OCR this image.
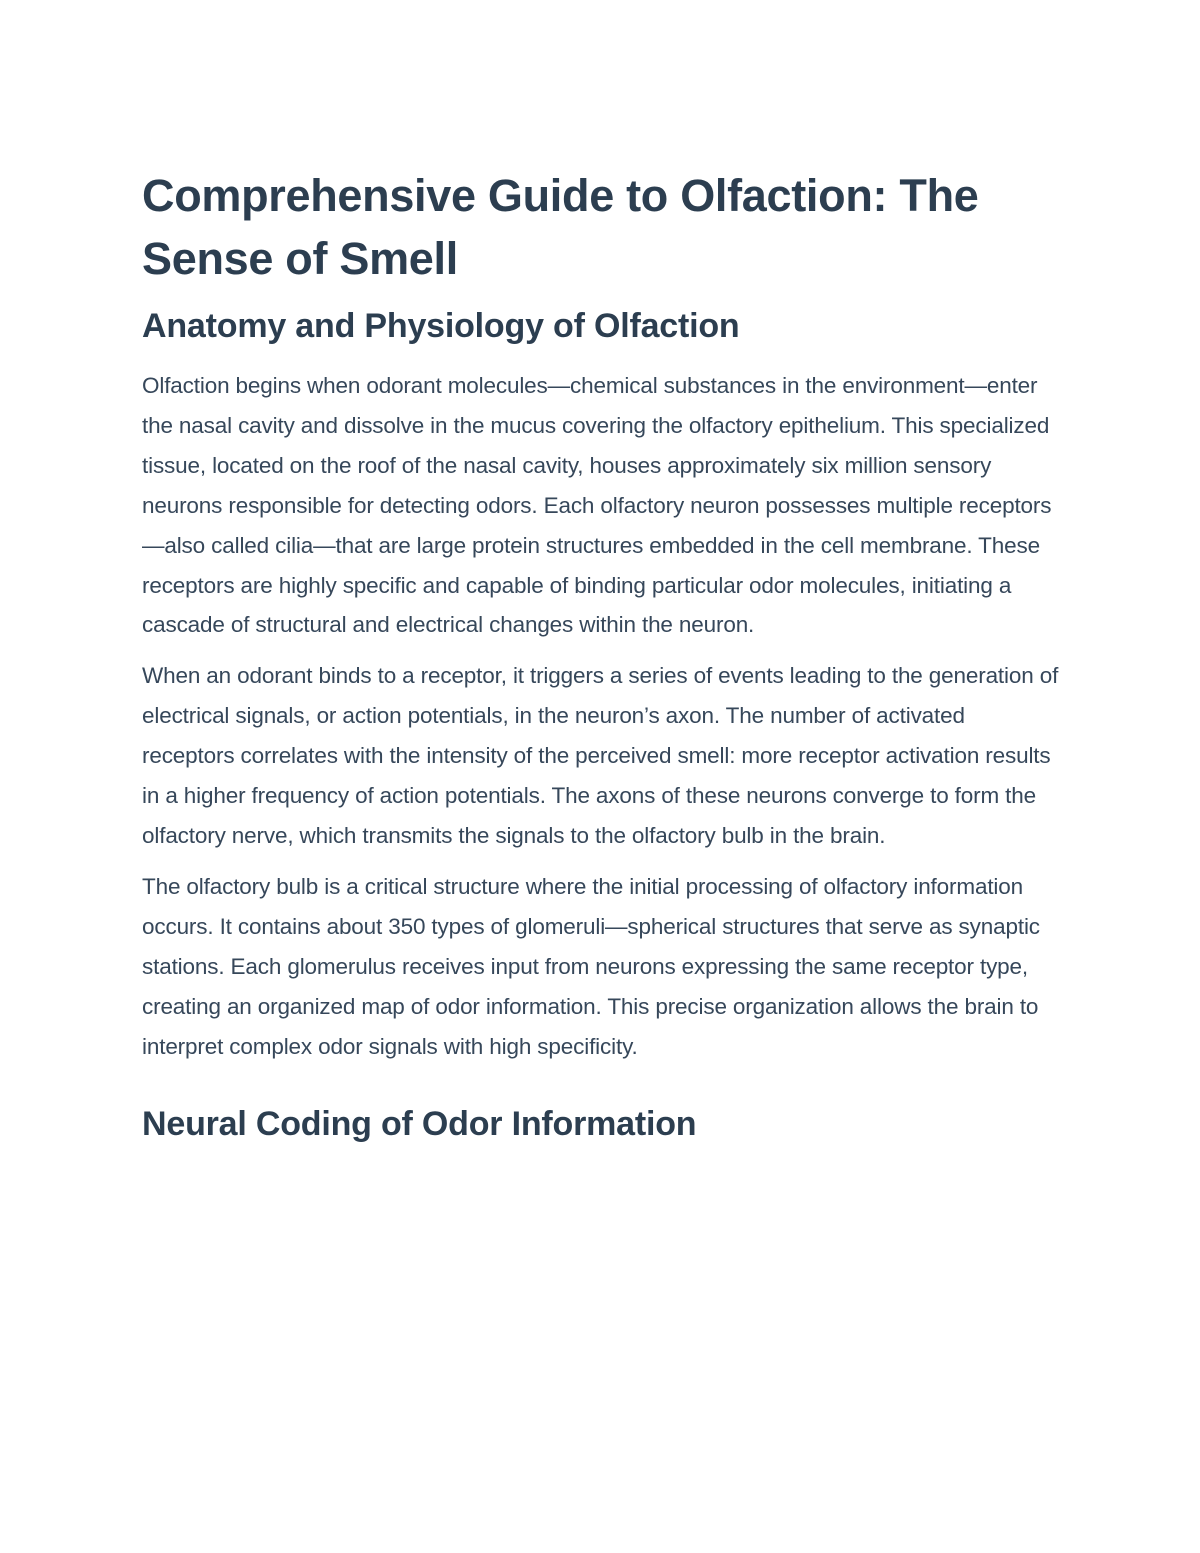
Comprehensive Guide to Olfaction: The Sense of Smell
Anatomy and Physiology of Olfaction

Olfaction begins when odorant molecules—chemical substances in the environment—enter the nasal cavity and dissolve in the mucus covering the olfactory epithelium. This specialized tissue, located on the roof of the nasal cavity, houses approximately six million sensory neurons responsible for detecting odors. Each olfactory neuron possesses multiple receptors—also called cilia—that are large protein structures embedded in the cell membrane. These receptors are highly specific and capable of binding particular odor molecules, initiating a cascade of structural and electrical changes within the neuron.

When an odorant binds to a receptor, it triggers a series of events leading to the generation of electrical signals, or action potentials, in the neuron’s axon. The number of activated receptors correlates with the intensity of the perceived smell: more receptor activation results in a higher frequency of action potentials. The axons of these neurons converge to form the olfactory nerve, which transmits the signals to the olfactory bulb in the brain.

The olfactory bulb is a critical structure where the initial processing of olfactory information occurs. It contains about 350 types of glomeruli—spherical structures that serve as synaptic stations. Each glomerulus receives input from neurons expressing the same receptor type, creating an organized map of odor information. This precise organization allows the brain to interpret complex odor signals with high specificity.

Neural Coding of Odor Information
